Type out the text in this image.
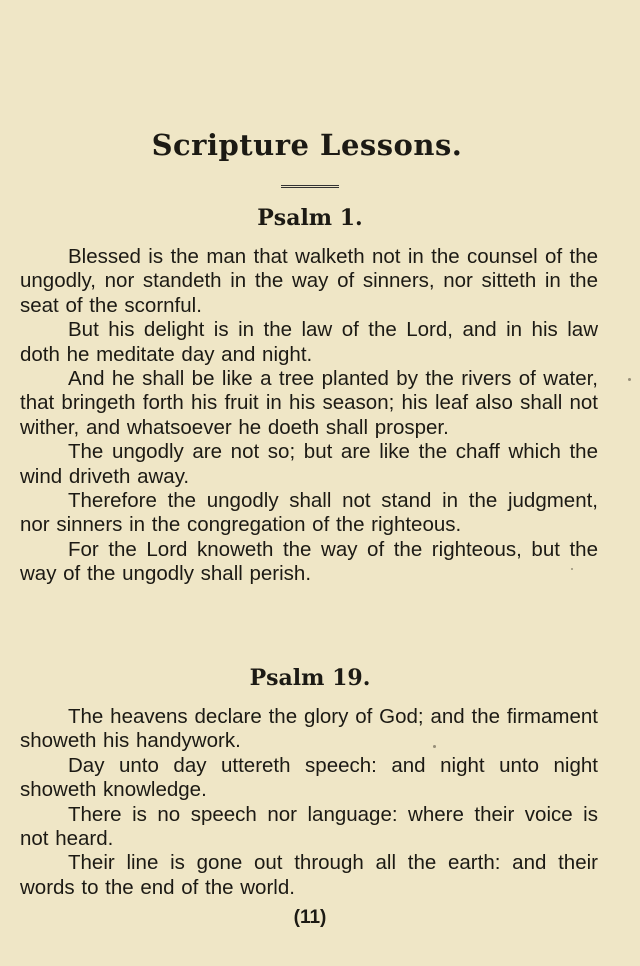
Scripture Lessons.
Psalm 1.

Blessed is the man that walketh not in the counsel of the ungodly, nor standeth in the way of sinners, nor sitteth in the seat of the scornful.

But his delight is in the law of the Lord, and in his law doth he meditate day and night.

And he shall be like a tree planted by the rivers of water, that bringeth forth his fruit in his season; his leaf also shall not wither, and whatsoever he doeth shall prosper.

The ungodly are not so; but are like the chaff which the wind driveth away.

Therefore the ungodly shall not stand in the judgment, nor sinners in the congregation of the righteous.

For the Lord knoweth the way of the righteous, but the way of the ungodly shall perish.

Psalm 19.

The heavens declare the glory of God; and the firmament showeth his handywork.

Day unto day uttereth speech: and night unto night showeth knowledge.

There is no speech nor language: where their voice is not heard.

Their line is gone out through all the earth: and their words to the end of the world.

(11)
